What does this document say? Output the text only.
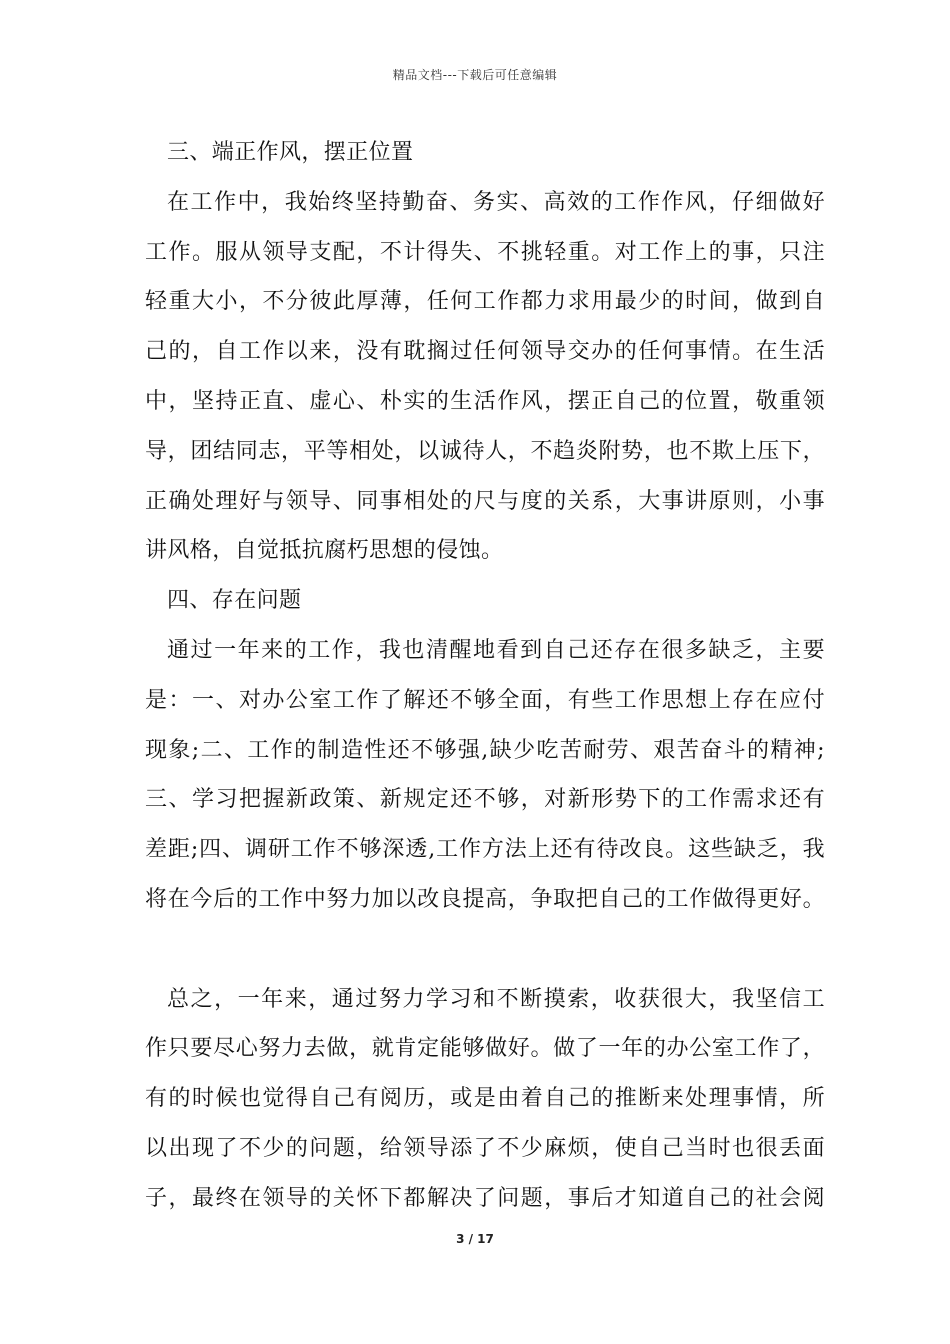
精品文档---下载后可任意编辑
三、端正作风，摆正位置
在工作中，我始终坚持勤奋、务实、高效的工作作风，仔细做好
工作。服从领导支配，不计得失、不挑轻重。对工作上的事，只注
轻重大小，不分彼此厚薄，任何工作都力求用最少的时间，做到自
己的，自工作以来，没有耽搁过任何领导交办的任何事情。在生活
中，坚持正直、虚心、朴实的生活作风，摆正自己的位置，敬重领
导，团结同志，平等相处，以诚待人，不趋炎附势，也不欺上压下，
正确处理好与领导、同事相处的尺与度的关系，大事讲原则，小事
讲风格，自觉抵抗腐朽思想的侵蚀。
四、存在问题
通过一年来的工作，我也清醒地看到自己还存在很多缺乏，主要
是：一、对办公室工作了解还不够全面，有些工作思想上存在应付
现象;二、工作的制造性还不够强,缺少吃苦耐劳、艰苦奋斗的精神;
三、学习把握新政策、新规定还不够，对新形势下的工作需求还有
差距;四、调研工作不够深透,工作方法上还有待改良。这些缺乏，我
将在今后的工作中努力加以改良提高，争取把自己的工作做得更好。
总之，一年来，通过努力学习和不断摸索，收获很大，我坚信工
作只要尽心努力去做，就肯定能够做好。做了一年的办公室工作了，
有的时候也觉得自己有阅历，或是由着自己的推断来处理事情，所
以出现了不少的问题，给领导添了不少麻烦，使自己当时也很丢面
子，最终在领导的关怀下都解决了问题，事后才知道自己的社会阅
3 / 17
